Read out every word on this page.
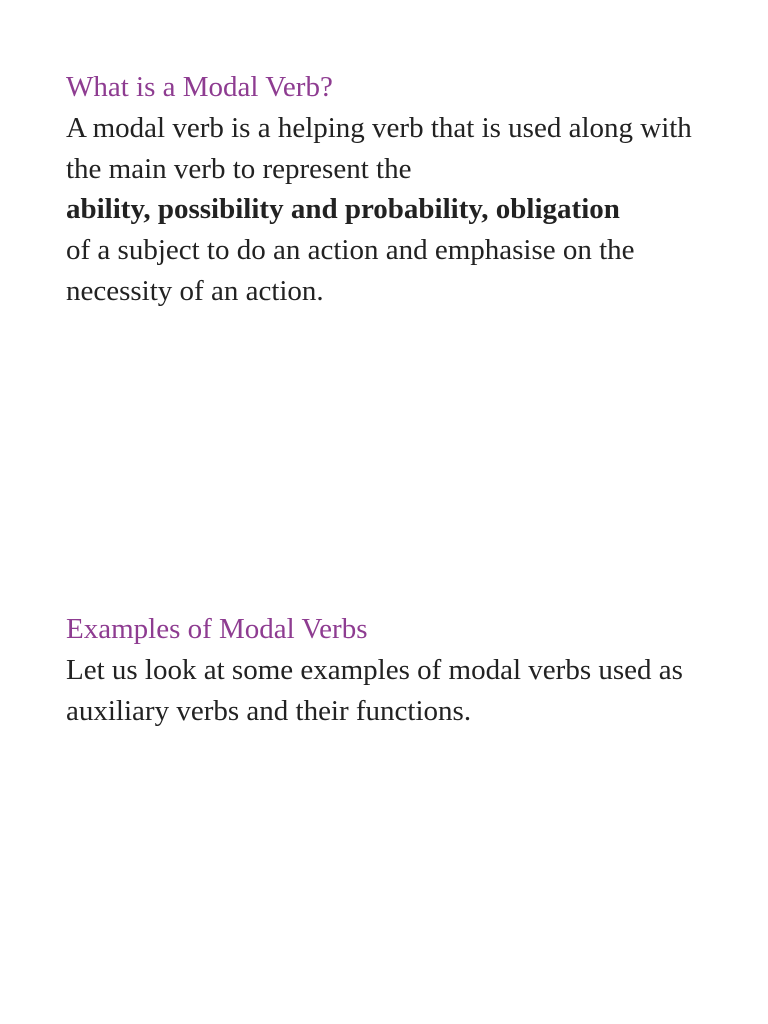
What is a Modal Verb?

A modal verb is a helping verb that is used along with the main verb to represent the
ability, possibility and probability, obligation
of a subject to do an action and emphasise on the necessity of an action.

Examples of Modal Verbs

Let us look at some examples of modal verbs used as auxiliary verbs and their functions.
